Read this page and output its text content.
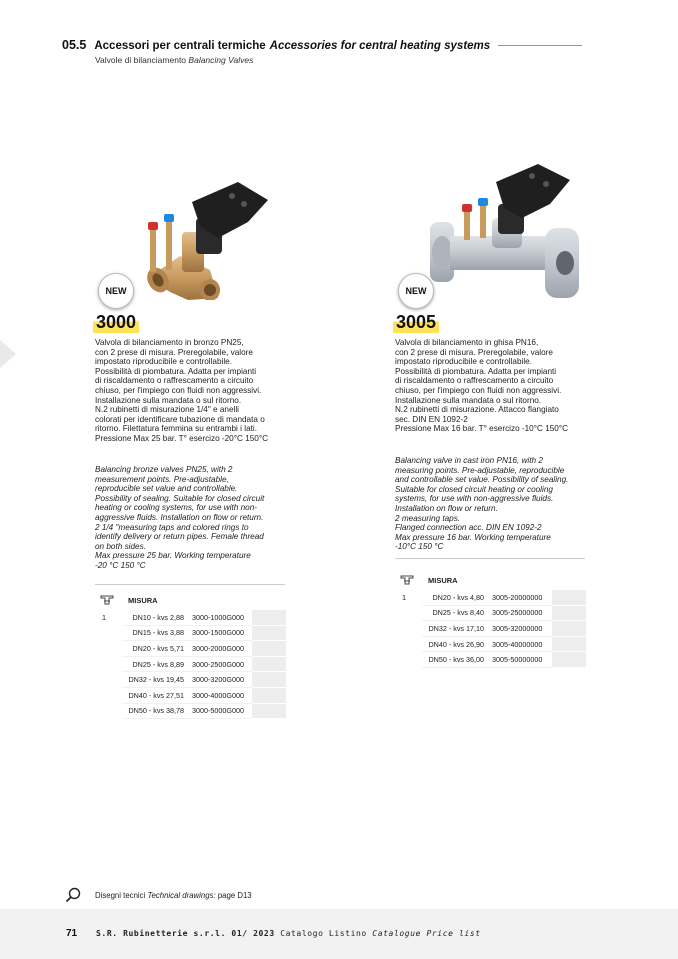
05.5 Accessori per centrali termiche Accessories for central heating systems
Valvole di bilanciamento Balancing Valves
NEW
3000

Valvola di bilanciamento in bronzo PN25,
con 2 prese di misura. Preregolabile, valore
impostato riproducibile e controllabile.
Possibilità di piombatura. Adatta per impianti
di riscaldamento o raffrescamento a circuito
chiuso, per l'impiego con fluidi non aggressivi.
Installazione sulla mandata o sul ritorno.
N.2 rubinetti di misurazione 1/4" e anelli
colorati per identificare tubazione di mandata o
ritorno. Filettatura femmina su entrambi i lati.
Pressione Max 25 bar. T° esercizo -20°C 150°C

Balancing bronze valves PN25, with 2
measurement points. Pre-adjustable,
reproducible set value and controllable.
Possibility of sealing. Suitable for closed circuit
heating or cooling systems, for use with non-
aggressive fluids. Installation on flow or return.
2 1/4 "measuring taps and colored rings to
identify delivery or return pipes. Female thread
on both sides.
Max pressure 25 bar. Working temperature
-20 °C 150 °C

MISURA
1	DN10 - kvs 2,88	3000-1000G000	
	DN15 - kvs 3,88	3000-1500G000	
	DN20 - kvs 5,71	3000-2000G000	
	DN25 - kvs 8,89	3000-2500G000	
	DN32 - kvs 19,45	3000-3200G000	
	DN40 - kvs 27,51	3000-4000G000	
	DN50 - kvs 38,78	3000-5000G000	
NEW
3005

Valvola di bilanciamento in ghisa PN16,
con 2 prese di misura. Preregolabile, valore
impostato riproducibile e controllabile.
Possibilità di piombatura. Adatta per impianti
di riscaldamento o raffrescamento a circuito
chiuso, per l'impiego con fluidi non aggressivi.
Installazione sulla mandata o sul ritorno.
N.2 rubinetti di misurazione. Attacco flangiato
sec. DIN EN 1092-2
Pressione Max 16 bar. T° esercizo -10°C 150°C

Balancing valve in cast iron PN16, with 2
measuring points. Pre-adjustable, reproducible
and controllable set value. Possibility of sealing.
Suitable for closed circuit heating or cooling
systems, for use with non-aggressive fluids.
Installation on flow or return.
2 measuring taps.
Flanged connection acc. DIN EN 1092-2
Max pressure 16 bar. Working temperature
-10°C 150 °C

MISURA
1	DN20 - kvs 4,80	3005-20000000	
	DN25 - kvs 8,40	3005-25000000	
	DN32 - kvs 17,10	3005-32000000	
	DN40 - kvs 26,90	3005-40000000	
	DN50 - kvs 36,00	3005-50000000	
Disegni tecnici
Technical drawings:
page D13
71 S.R. Rubinetterie s.r.l. 01/ 2023 Catalogo Listino Catalogue Price list
